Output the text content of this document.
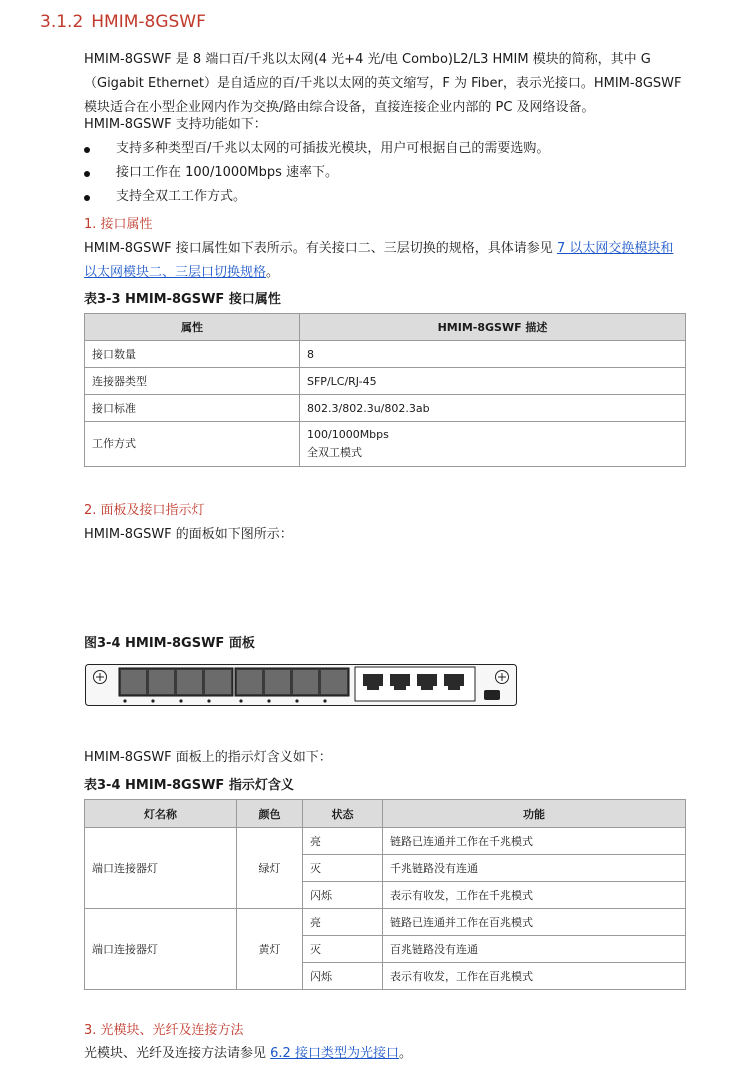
3.1.2 HMIM-8GSWF
HMIM-8GSWF 是 8 端口百/千兆以太网(4 光+4 光/电 Combo)L2/L3 HMIM 模块的简称，其中 G （Gigabit Ethernet）是自适应的百/千兆以太网的英文缩写，F 为 Fiber，表示光接口。HMIM-8GSWF 模块适合在小型企业网内作为交换/路由综合设备，直接连接企业内部的 PC 及网络设备。
HMIM-8GSWF 支持功能如下：
支持多种类型百/千兆以太网的可插拔光模块，用户可根据自己的需要选购。
接口工作在 100/1000Mbps 速率下。
支持全双工工作方式。
1. 接口属性
HMIM-8GSWF 接口属性如下表所示。有关接口二、三层切换的规格，具体请参见 7 以太网交换模块和以太网模块二、三层口切换规格。
表3-3 HMIM-8GSWF 接口属性
属性	HMIM-8GSWF 描述
接口数量	8
连接器类型	SFP/LC/RJ-45
接口标准	802.3/802.3u/802.3ab
工作方式	100/1000Mbps
全双工模式
2. 面板及接口指示灯
HMIM-8GSWF 的面板如下图所示：
图3-4 HMIM-8GSWF 面板
HMIM-8GSWF 面板上的指示灯含义如下：
表3-4 HMIM-8GSWF 指示灯含义
灯名称	颜色	状态	功能
端口连接器灯	绿灯	亮	链路已连通并工作在千兆模式
		灭	千兆链路没有连通
		闪烁	表示有收发，工作在千兆模式
端口连接器灯	黄灯	亮	链路已连通并工作在百兆模式
		灭	百兆链路没有连通
		闪烁	表示有收发，工作在百兆模式
3. 光模块、光纤及连接方法
光模块、光纤及连接方法请参见 6.2 接口类型为光接口。
